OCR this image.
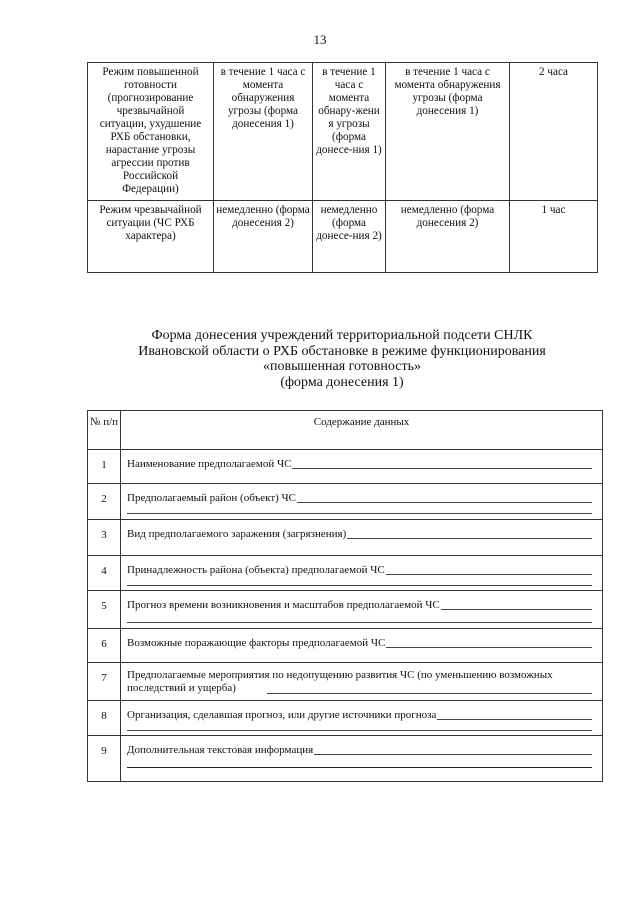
13
Режим повышенной готовности (прогнозирование чрезвычайной ситуации, ухудшение РХБ обстановки, нарастание угрозы агрессии против Российской Федерации)	в течение 1 часа с момента обнаружения угрозы (форма донесения 1)	в течение 1 часа с момента обнару-жени я угрозы (форма донесе-ния 1)	в течение 1 часа с момента обнаружения угрозы (форма донесения 1)	2 часа
Режим чрезвычайной ситуации (ЧС РХБ характера)	немедленно (форма донесения 2)	немедленно (форма донесе-ния 2)	немедленно (форма донесения 2)	1 час
Форма донесения учреждений территориальной подсети СНЛК
Ивановской области о РХБ обстановке в режиме функционирования
«повышенная готовность»
(форма донесения 1)
№ п/п	Содержание данных
1	Наименование предполагаемой ЧС

2	Предполагаемый район (объект) ЧС

3	Вид предполагаемого заражения (загрязнения)

4	Принадлежность района (объекта) предполагаемой ЧС

5	Прогноз времени возникновения и масштабов предполагаемой ЧС

6	Возможные поражающие факторы предполагаемой ЧС

7	Предполагаемые мероприятия по недопущению развития ЧС (по уменьшению возможных последствий и ущерба)

8	Организация, сделавшая прогноз, или другие источники прогноза

9	Дополнительная текстовая информация
